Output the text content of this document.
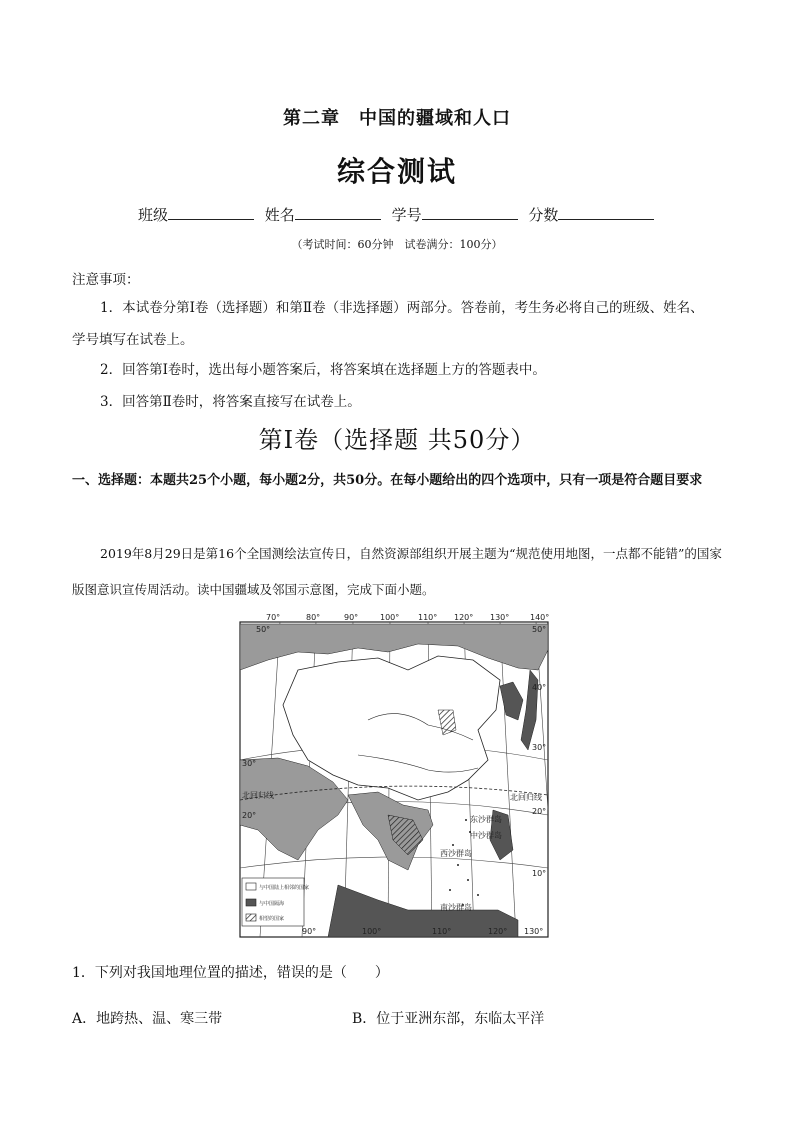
第二章　中国的疆域和人口
综合测试
班级	姓名	学号	分数
（考试时间：60分钟　试卷满分：100分）
注意事项：
1．本试卷分第Ⅰ卷（选择题）和第Ⅱ卷（非选择题）两部分。答卷前，考生务必将自己的班级、姓名、
学号填写在试卷上。
2．回答第Ⅰ卷时，选出每小题答案后，将答案填在选择题上方的答题表中。
3．回答第Ⅱ卷时，将答案直接写在试卷上。
第Ⅰ卷（选择题 共50分）
一、选择题：本题共25个小题，每小题2分，共50分。在每小题给出的四个选项中，只有一项是符合题目要求
2019年8月29日是第16个全国测绘法宣传日，自然资源部组织开展主题为“规范使用地图，一点都不能错”的国家版图意识宣传周活动。读中国疆域及邻国示意图，完成下面小题。
70°	80°	90°	100° 110° 120° 130°	140°
90°	100°	110°	120° 130°
50°
40°
30°
20°
10°
50°
30°
20°
北回归线	北回归线
东沙群岛
中沙群岛
西沙群岛
南沙群岛
与中国陆上相邻的国家
与中国隔海
相望的国家
1．下列对我国地理位置的描述，错误的是（　　）
A．地跨热、温、寒三带	B．位于亚洲东部，东临太平洋
